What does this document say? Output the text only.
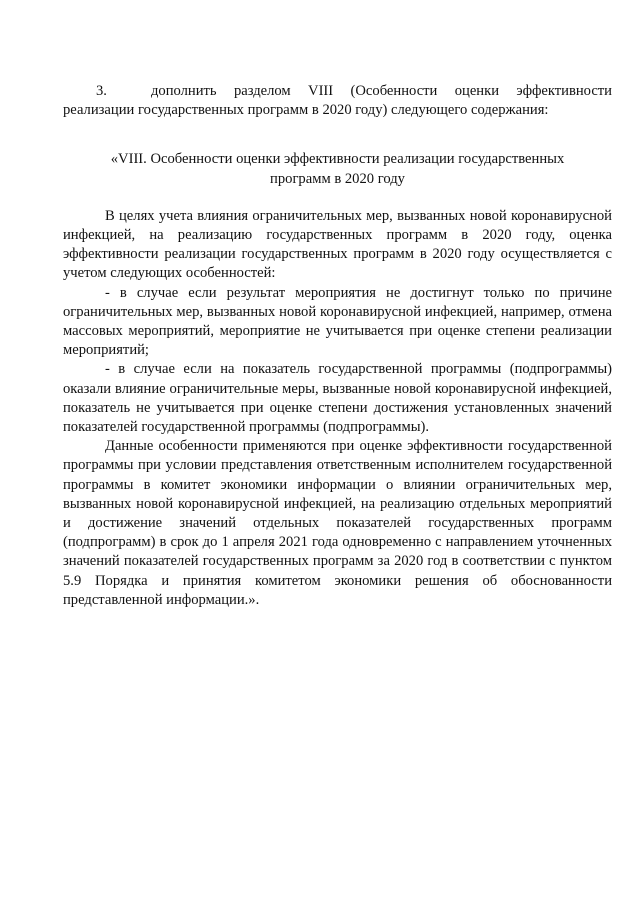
3.	дополнить разделом VIII (Особенности оценки эффективности реализации государственных программ в 2020 году) следующего содержания:

«VIII. Особенности оценки эффективности реализации государственных программ в 2020 году

В целях учета влияния ограничительных мер, вызванных новой коронавирусной инфекцией, на реализацию государственных программ в 2020 году, оценка эффективности реализации государственных программ в 2020 году осуществляется с учетом следующих особенностей:

- в случае если результат мероприятия не достигнут только по причине ограничительных мер, вызванных новой коронавирусной инфекцией, например, отмена массовых мероприятий, мероприятие не учитывается при оценке степени реализации мероприятий;

- в случае если на показатель государственной программы (подпрограммы) оказали влияние ограничительные меры, вызванные новой коронавирусной инфекцией, показатель не учитывается при оценке степени достижения установленных значений показателей государственной программы (подпрограммы).

Данные особенности применяются при оценке эффективности государственной программы при условии представления ответственным исполнителем государственной программы в комитет экономики информации о влиянии ограничительных мер, вызванных новой коронавирусной инфекцией, на реализацию отдельных мероприятий и достижение значений отдельных показателей государственных программ (подпрограмм) в срок до 1 апреля 2021 года одновременно с направлением уточненных значений показателей государственных программ за 2020 год в соответствии с пунктом 5.9 Порядка и принятия комитетом экономики решения об обоснованности представленной информации.».
